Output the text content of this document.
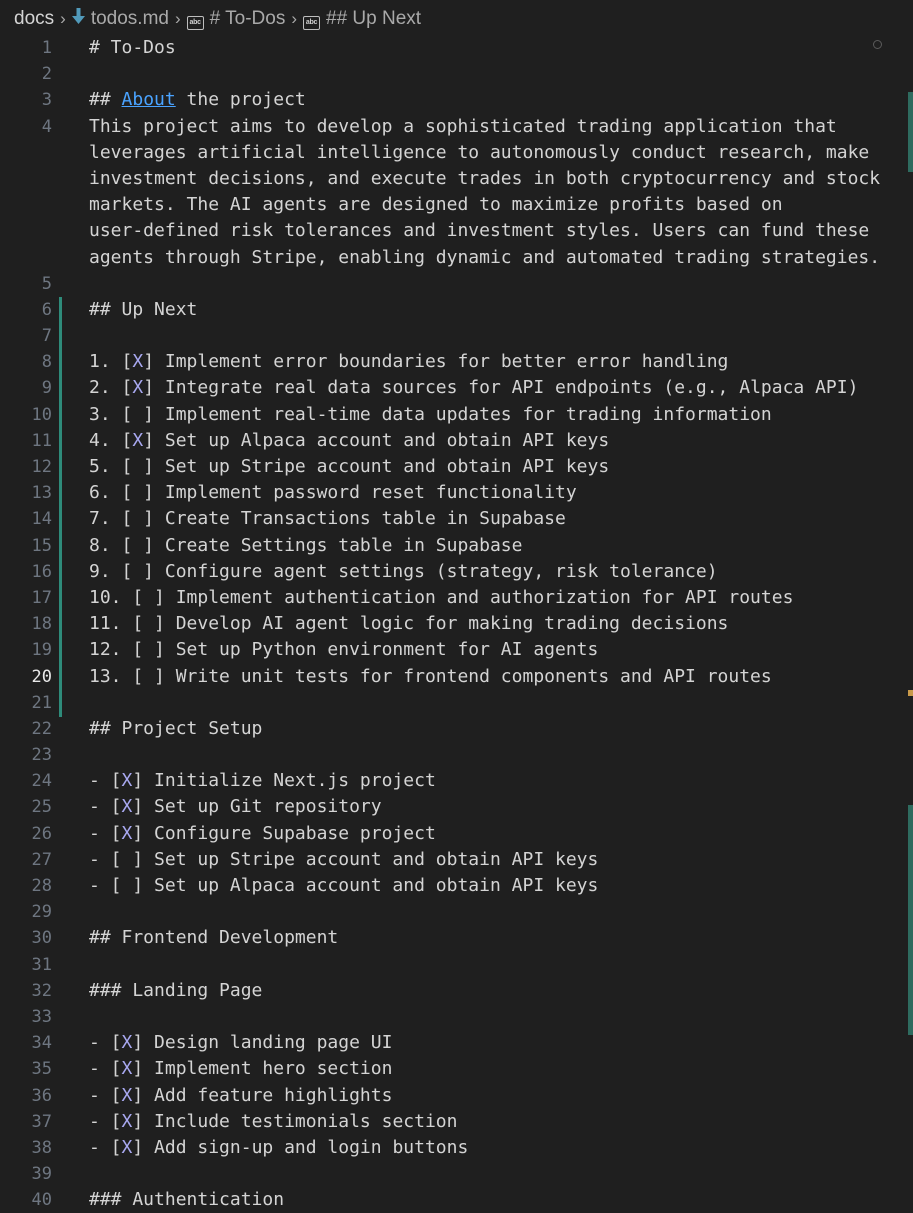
docs ›	todos.md ›	abc # To-Dos ›	abc ## Up Next
1 # To-Dos
2
3 ## About the project
4 This project aims to develop a sophisticated trading application that
leverages artificial intelligence to autonomously conduct research, make
investment decisions, and execute trades in both cryptocurrency and stock
markets. The AI agents are designed to maximize profits based on
user-defined risk tolerances and investment styles. Users can fund these
agents through Stripe, enabling dynamic and automated trading strategies.
5
6 ## Up Next
7
8 1. [X] Implement error boundaries for better error handling
9 2. [X] Integrate real data sources for API endpoints (e.g., Alpaca API)
10 3. [ ] Implement real-time data updates for trading information
11 4. [X] Set up Alpaca account and obtain API keys
12 5. [ ] Set up Stripe account and obtain API keys
13 6. [ ] Implement password reset functionality
14 7. [ ] Create Transactions table in Supabase
15 8. [ ] Create Settings table in Supabase
16 9. [ ] Configure agent settings (strategy, risk tolerance)
17 10. [ ] Implement authentication and authorization for API routes
18 11. [ ] Develop AI agent logic for making trading decisions
19 12. [ ] Set up Python environment for AI agents
20 13. [ ] Write unit tests for frontend components and API routes
21
22 ## Project Setup
23
24 - [X] Initialize Next.js project
25 - [X] Set up Git repository
26 - [X] Configure Supabase project
27 - [ ] Set up Stripe account and obtain API keys
28 - [ ] Set up Alpaca account and obtain API keys
29
30 ## Frontend Development
31
32 ### Landing Page
33
34 - [X] Design landing page UI
35 - [X] Implement hero section
36 - [X] Add feature highlights
37 - [X] Include testimonials section
38 - [X] Add sign-up and login buttons
39
40 ### Authentication
